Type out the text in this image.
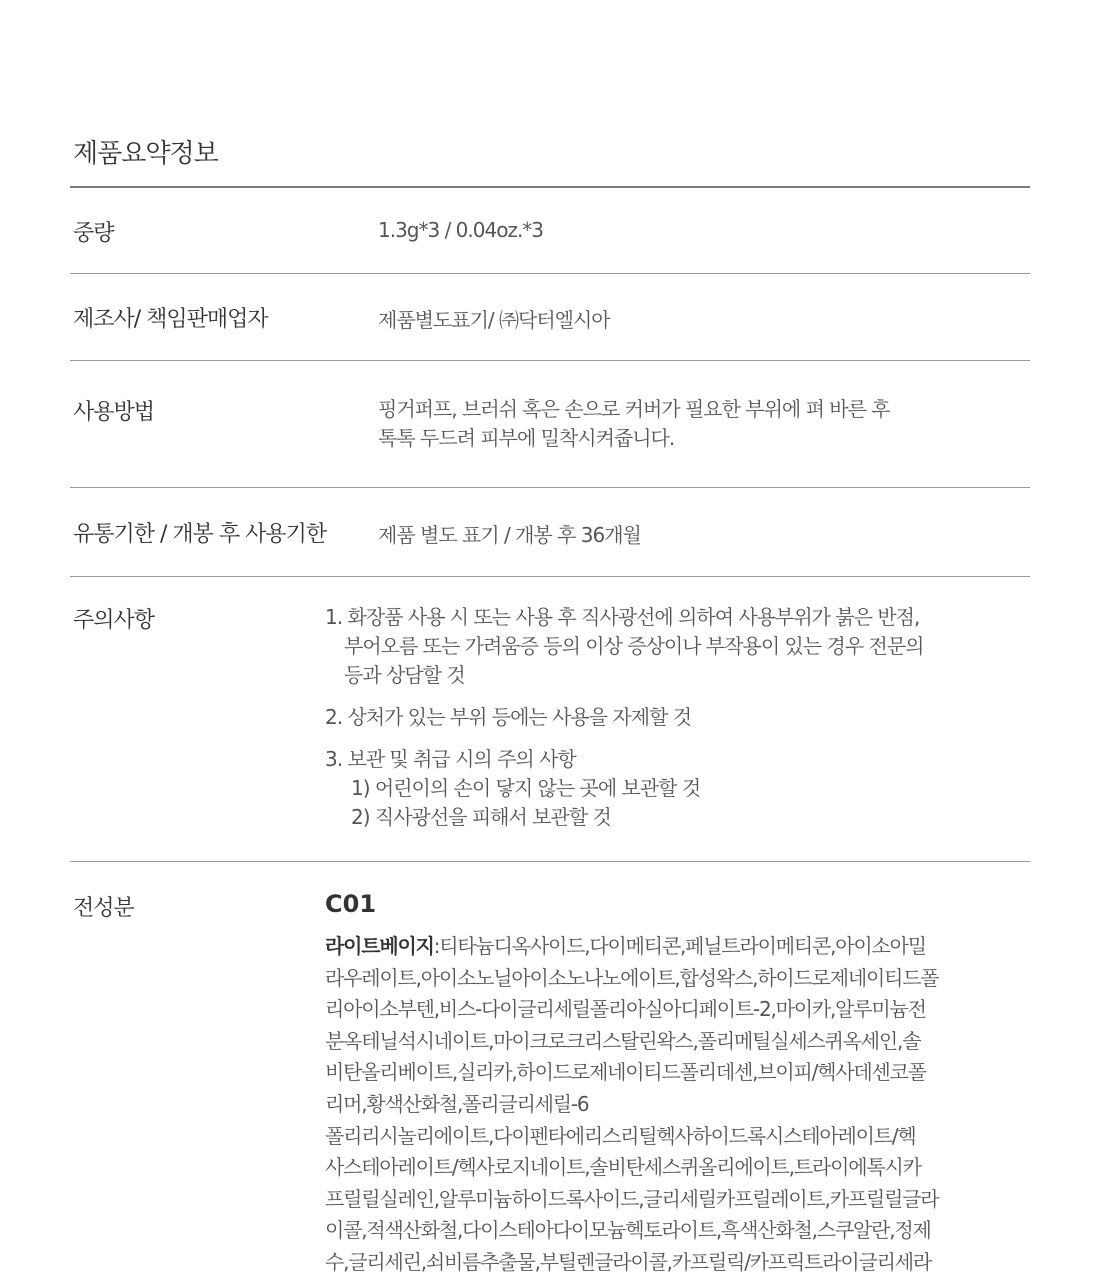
제품요약정보
중량	1.3g*3 / 0.04oz.*3
제조사/ 책임판매업자	제품별도표기/ ㈜닥터엘시아
사용방법	핑거퍼프, 브러쉬 혹은 손으로 커버가 필요한 부위에 펴 바른 후
톡톡 두드려 피부에 밀착시켜줍니다.
유통기한 / 개봉 후 사용기한	제품 별도 표기 / 개봉 후 36개월
주의사항	1. 화장품 사용 시 또는 사용 후 직사광선에 의하여 사용부위가 붉은 반점,
부어오름 또는 가려움증 등의 이상 증상이나 부작용이 있는 경우 전문의
등과 상담할 것
2. 상처가 있는 부위 등에는 사용을 자제할 것
3. 보관 및 취급 시의 주의 사항
1) 어린이의 손이 닿지 않는 곳에 보관할 것
2) 직사광선을 피해서 보관할 것
전성분	C01
라이트베이지:티타늄디옥사이드,다이메티콘,페닐트라이메티콘,아이소아밀
라우레이트,아이소노닐아이소노나노에이트,합성왁스,하이드로제네이티드폴
리아이소부텐,비스-다이글리세릴폴리아실아디페이트-2,마이카,알루미늄전
분옥테닐석시네이트,마이크로크리스탈린왁스,폴리메틸실세스퀴옥세인,솔
비탄올리베이트,실리카,하이드로제네이티드폴리데센,브이피/헥사데센코폴
리머,황색산화철,폴리글리세릴-6
폴리리시놀리에이트,다이펜타에리스리틸헥사하이드록시스테아레이트/헥
사스테아레이트/헥사로지네이트,솔비탄세스퀴올리에이트,트라이에톡시카
프릴릴실레인,알루미늄하이드록사이드,글리세릴카프릴레이트,카프릴릴글라
이콜,적색산화철,다이스테아다이모늄헥토라이트,흑색산화철,스쿠알란,정제
수,글리세린,쇠비름추출물,부틸렌글라이콜,카프릴릭/카프릭트라이글리세라
